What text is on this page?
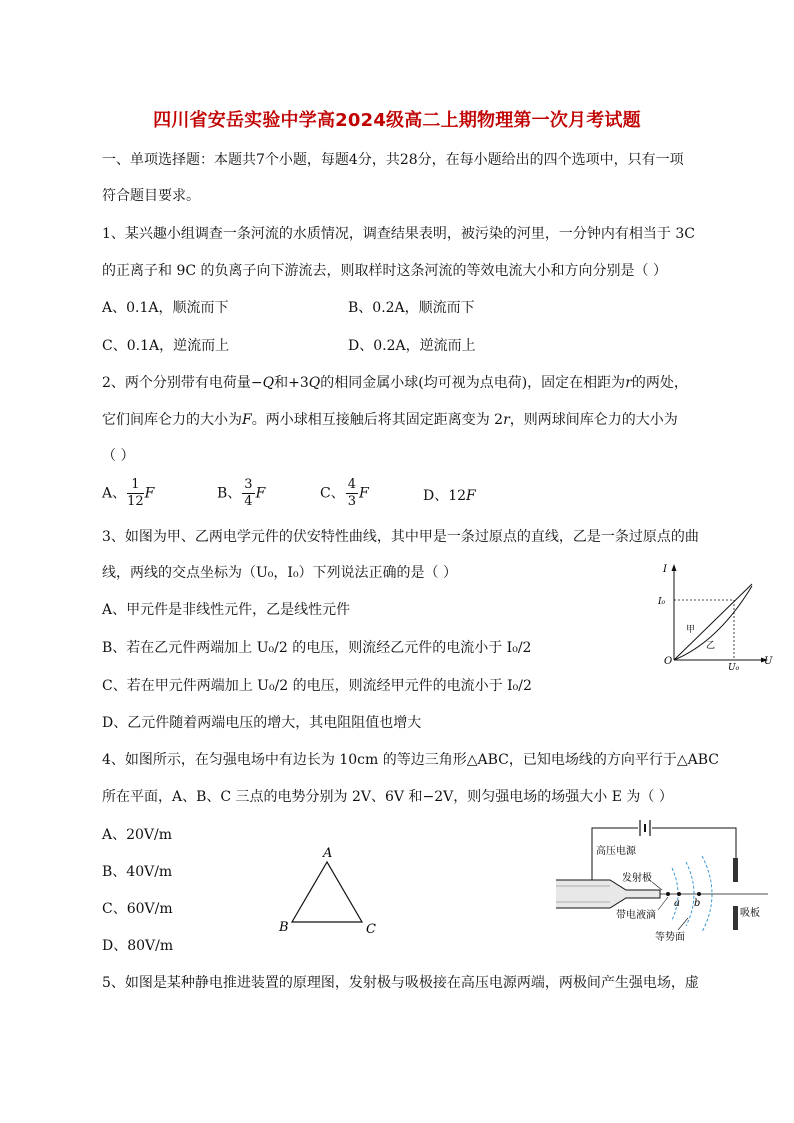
四川省安岳实验中学高2024级高二上期物理第一次月考试题
一、单项选择题：本题共7个小题，每题4分，共28分，在每小题给出的四个选项中，只有一项
符合题目要求。
1、某兴趣小组调查一条河流的水质情况，调查结果表明，被污染的河里，一分钟内有相当于 3C
的正离子和 9C 的负离子向下游流去，则取样时这条河流的等效电流大小和方向分别是（ ）
A、0.1A，顺流而下	B、0.2A，顺流而下
C、0.1A，逆流而上	D、0.2A，逆流而上
2、两个分别带有电荷量−Q和+3Q的相同金属小球(均可视为点电荷)，固定在相距为r的两处，
它们间库仑力的大小为F。两小球相互接触后将其固定距离变为 2r，则两球间库仑力的大小为
（ ）
A、 $\frac{1}{12}$ F	B、 $\frac{3}{4}$ F	C、 $\frac{4}{3}$ F	D、12F
3、如图为甲、乙两电学元件的伏安特性曲线，其中甲是一条过原点的直线，乙是一条过原点的曲
线，两线的交点坐标为（U₀，I₀）下列说法正确的是（ ）
A、甲元件是非线性元件，乙是线性元件
B、若在乙元件两端加上 U₀/2 的电压，则流经乙元件的电流小于 I₀/2
C、若在甲元件两端加上 U₀/2 的电压，则流经甲元件的电流小于 I₀/2
D、乙元件随着两端电压的增大，其电阻阻值也增大
I
U
O
I₀
U₀
甲
乙
4、如图所示，在匀强电场中有边长为 10cm 的等边三角形△ABC，已知电场线的方向平行于△ABC
所在平面，A、B、C 三点的电势分别为 2V、6V 和−2V，则匀强电场的场强大小 E 为（ ）
A、20V/m
B、40V/m
C、60V/m
D、80V/m
A
B	C
高压电源
吸板
a b
发射极
带电液滴
等势面
5、如图是某种静电推进装置的原理图，发射极与吸极接在高压电源两端，两极间产生强电场，虚
